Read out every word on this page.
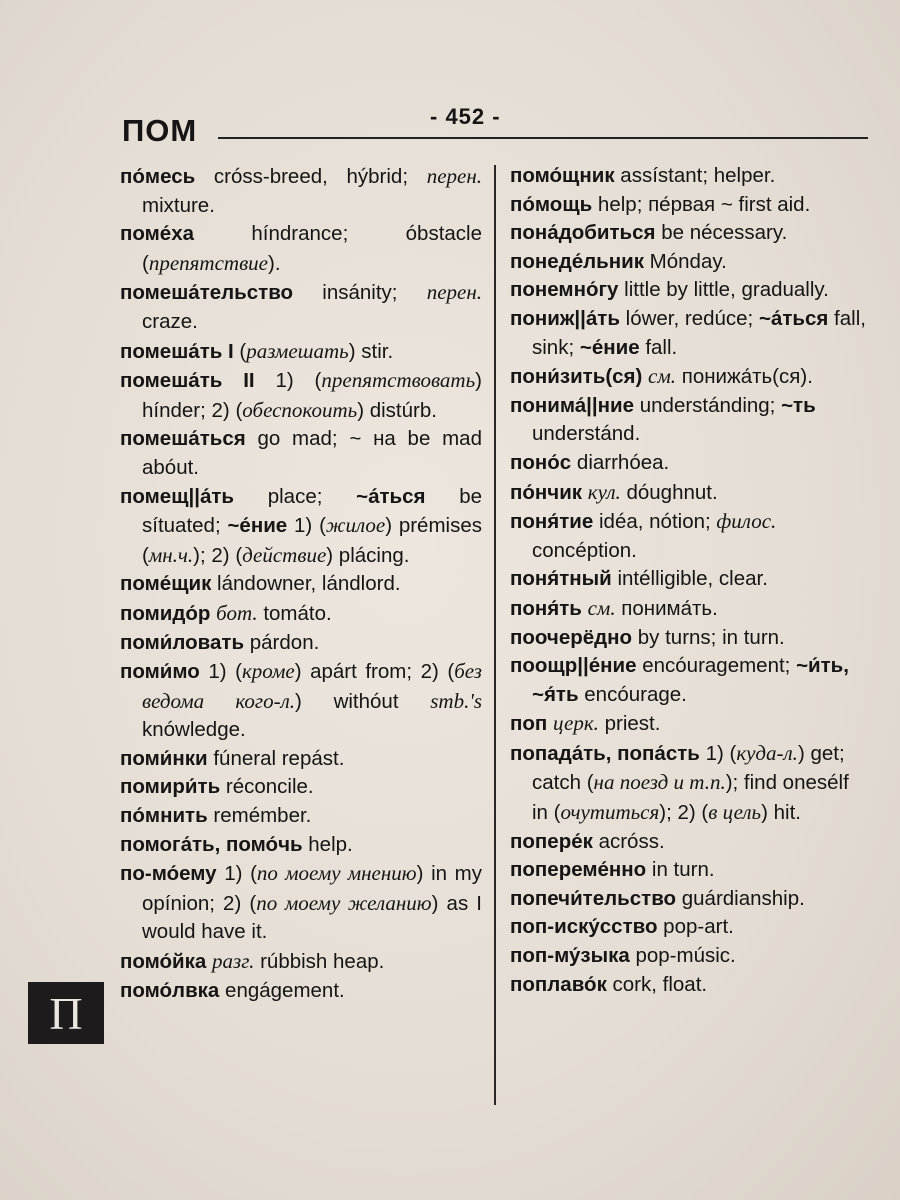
ПОМ	- 452 -
по́месь cróss-breed, hýbrid; перен. mixture.
поме́ха híndrance; óbstacle (препятствие).
помеша́тельство insánity; перен. craze.
помеша́ть I (размешать) stir.
помеша́ть II 1) (препятствовать) hínder; 2) (обеспокоить) distúrb.
помеша́ться go mad; ~ на be mad abóut.
помещ||а́ть place; ~а́ться be sítuated; ~е́ние 1) (жилое) prémises (мн.ч.); 2) (действие) plácing.
поме́щик lándowner, lándlord.
помидо́р бот. tomáto.
поми́ловать párdon.
поми́мо 1) (кроме) apárt from; 2) (без ведома кого-л.) withóut smb.'s knówledge.
поми́нки fúneral repást.
помири́ть réconcile.
по́мнить remémber.
помога́ть, помо́чь help.
по-мо́ему 1) (по моему мнению) in my opínion; 2) (по моему желанию) as I would have it.
помо́йка разг. rúbbish heap.
помо́лвка engágement.
помо́щник assístant; helper.
по́мощь help; пе́рвая ~ first aid.
пона́добиться be nécessary.
понеде́льник Mónday.
понемно́гу little by little, gradually.
пониж||а́ть lówer, redúce; ~а́ться fall, sink; ~е́ние fall.
пони́зить(ся) см. понижа́ть(ся).
понима́||ние understánding; ~ть understánd.
поно́с diarrhóea.
по́нчик кул. dóughnut.
поня́тие idéa, nótion; филос. concéption.
поня́тный intélligible, clear.
поня́ть см. понима́ть.
поочерёдно by turns; in turn.
поощр||е́ние encóuragement; ~и́ть, ~я́ть encóurage.
поп церк. priest.
попада́ть, попа́сть 1) (куда-л.) get; catch (на поезд и т.п.); find onesélf in (очутиться); 2) (в цель) hit.
попере́к acróss.
попереме́нно in turn.
попечи́тельство guárdianship.
поп-иску́сство pop-art.
поп-му́зыка pop-músic.
поплаво́к cork, float.
П
